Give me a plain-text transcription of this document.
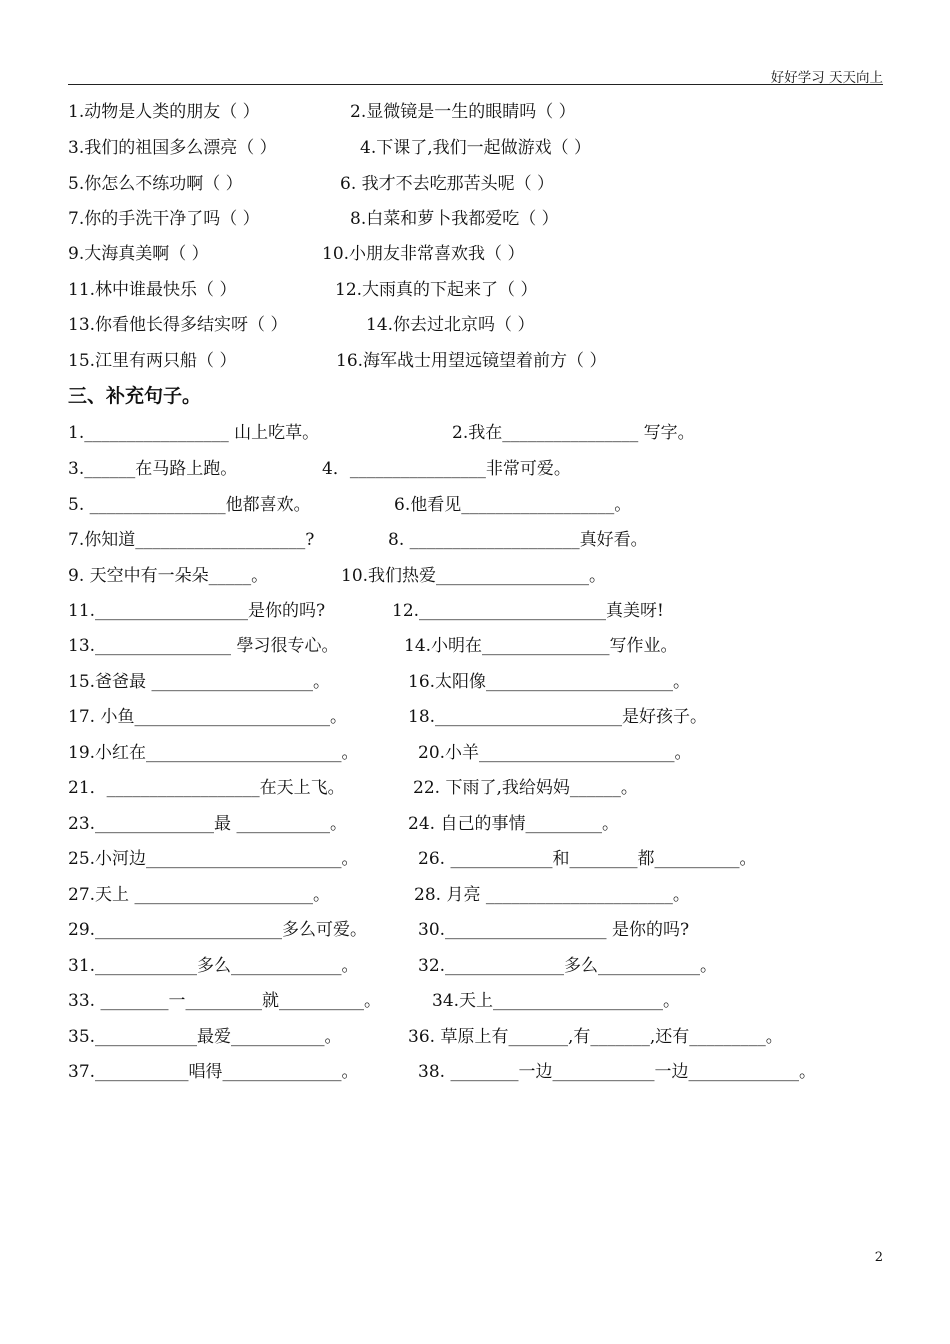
好好学习 天天向上
1.动物是人类的朋友（ ）	2.显微镜是一生的眼睛吗（ ）
3.我们的祖国多么漂亮（ ）	4.下课了,我们一起做游戏（ ）
5.你怎么不练功啊（ ）	6. 我才不去吃那苦头呢（ ）
7.你的手洗干净了吗（ ）	8.白菜和萝卜我都爱吃（ ）
9.大海真美啊（ ）	10.小朋友非常喜欢我（ ）
11.林中谁最快乐（ ）	12.大雨真的下起来了（ ）
13.你看他长得多结实呀（ ）	14.你去过北京吗（ ）
15.江里有两只船（ ）	16.海军战士用望远镜望着前方（ ）
三、补充句子。
1._________________ 山上吃草。	2.我在________________ 写字。
3.______在马路上跑。	4．________________非常可爱。
5. ________________他都喜欢。	6.他看见__________________。
7.你知道____________________?	8. ____________________真好看。
9. 天空中有一朵朵_____。	10.我们热爱__________________。
11.__________________是你的吗?	12.______________________真美呀!
13.________________ 學习很专心。	14.小明在_______________写作业。
15.爸爸最 ___________________。	16.太阳像______________________。
17. 小鱼_______________________。	18.______________________是好孩子。
19.小红在_______________________。	20.小羊_______________________。
21．__________________在天上飞。	22. 下雨了,我给妈妈______。
23.______________最 ___________。	24. 自己的事情_________。
25.小河边_______________________。	26. ____________和________都__________。
27.天上 _____________________。	28. 月亮 ______________________。
29.______________________多么可爱。	30.___________________ 是你的吗?
31.____________多么_____________。	32.______________多么____________。
33. ________一_________就__________。	34.天上____________________。
35.____________最爱___________。	36. 草原上有_______,有_______,还有_________。
37.___________唱得______________。	38. ________一边____________一边_____________。
2
